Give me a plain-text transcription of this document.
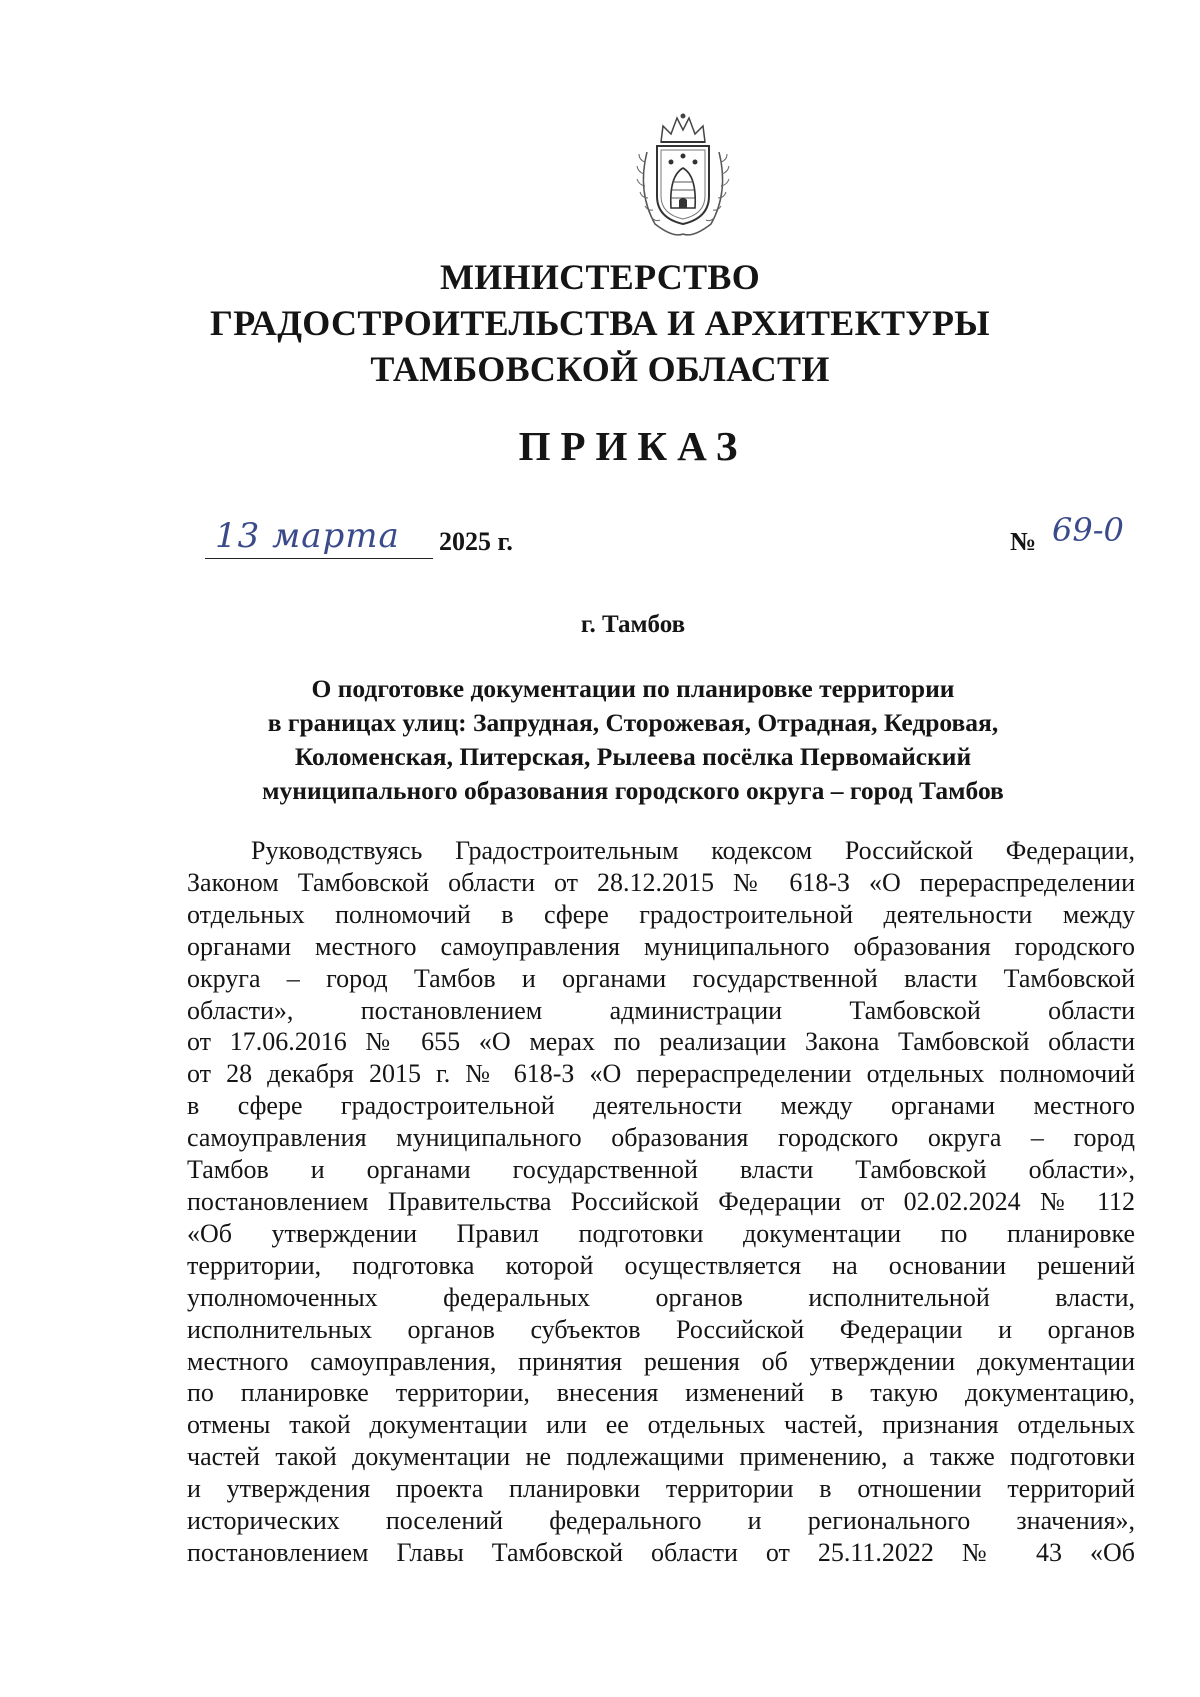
МИНИСТЕРСТВО
ГРАДОСТРОИТЕЛЬСТВА И АРХИТЕКТУРЫ
ТАМБОВСКОЙ ОБЛАСТИ
ПРИКАЗ
13 марта 2025 г.	№ 69-0
г. Тамбов
О подготовке документации по планировке территории
в границах улиц: Запрудная, Сторожевая, Отрадная, Кедровая,
Коломенская, Питерская, Рылеева посёлка Первомайский
муниципального образования городского округа – город Тамбов
Руководствуясь Градостроительным кодексом Российской Федерации,
Законом Тамбовской области от 28.12.2015 № 618-З «О перераспределении
отдельных полномочий в сфере градостроительной деятельности между
органами местного самоуправления муниципального образования городского
округа – город Тамбов и органами государственной власти Тамбовской
области», постановлением администрации Тамбовской области
от 17.06.2016 № 655 «О мерах по реализации Закона Тамбовской области
от 28 декабря 2015 г. № 618-З «О перераспределении отдельных полномочий
в сфере градостроительной деятельности между органами местного
самоуправления муниципального образования городского округа – город
Тамбов и органами государственной власти Тамбовской области»,
постановлением Правительства Российской Федерации от 02.02.2024 № 112
«Об утверждении Правил подготовки документации по планировке
территории, подготовка которой осуществляется на основании решений
уполномоченных федеральных органов исполнительной власти,
исполнительных органов субъектов Российской Федерации и органов
местного самоуправления, принятия решения об утверждении документации
по планировке территории, внесения изменений в такую документацию,
отмены такой документации или ее отдельных частей, признания отдельных
частей такой документации не подлежащими применению, а также подготовки
и утверждения проекта планировки территории в отношении территорий
исторических поселений федерального и регионального значения»,
постановлением Главы Тамбовской области от 25.11.2022 № 43 «Об
